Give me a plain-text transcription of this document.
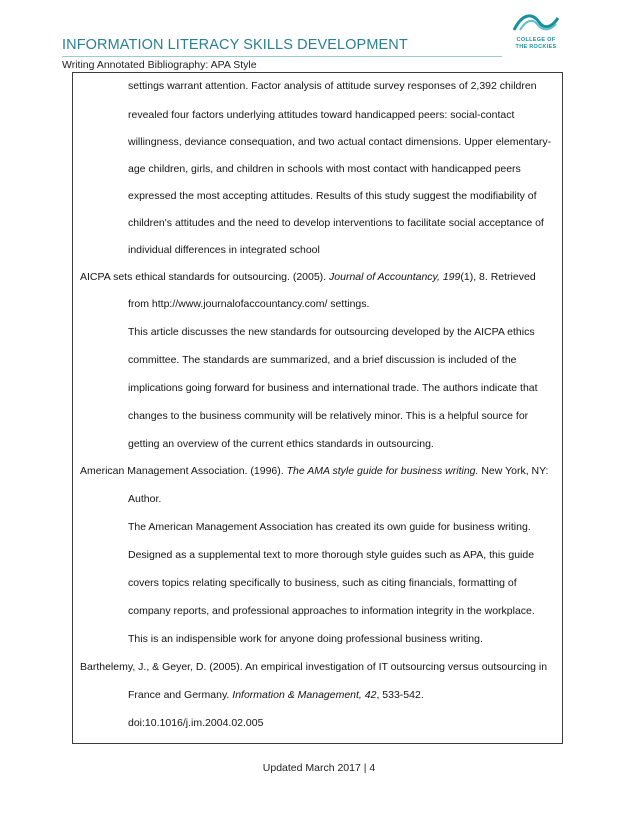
COLLEGE OF
THE ROCKIES
INFORMATION LITERACY SKILLS DEVELOPMENT
Writing Annotated Bibliography: APA Style
settings warrant attention. Factor analysis of attitude survey responses of 2,392 children
revealed four factors underlying attitudes toward handicapped peers: social-contact
willingness, deviance consequation, and two actual contact dimensions. Upper elementary-
age children, girls, and children in schools with most contact with handicapped peers
expressed the most accepting attitudes. Results of this study suggest the modifiability of
children's attitudes and the need to develop interventions to facilitate social acceptance of
individual differences in integrated school
AICPA sets ethical standards for outsourcing. (2005). Journal of Accountancy, 199(1), 8. Retrieved
from http://www.journalofaccountancy.com/ settings.
This article discusses the new standards for outsourcing developed by the AICPA ethics
committee. The standards are summarized, and a brief discussion is included of the
implications going forward for business and international trade. The authors indicate that
changes to the business community will be relatively minor. This is a helpful source for
getting an overview of the current ethics standards in outsourcing.
American Management Association. (1996). The AMA style guide for business writing. New York, NY:
Author.
The American Management Association has created its own guide for business writing.
Designed as a supplemental text to more thorough style guides such as APA, this guide
covers topics relating specifically to business, such as citing financials, formatting of
company reports, and professional approaches to information integrity in the workplace.
This is an indispensible work for anyone doing professional business writing.
Barthelemy, J., & Geyer, D. (2005). An empirical investigation of IT outsourcing versus outsourcing in
France and Germany. Information & Management, 42, 533-542.
doi:10.1016/j.im.2004.02.005
Updated March 2017 | 4
